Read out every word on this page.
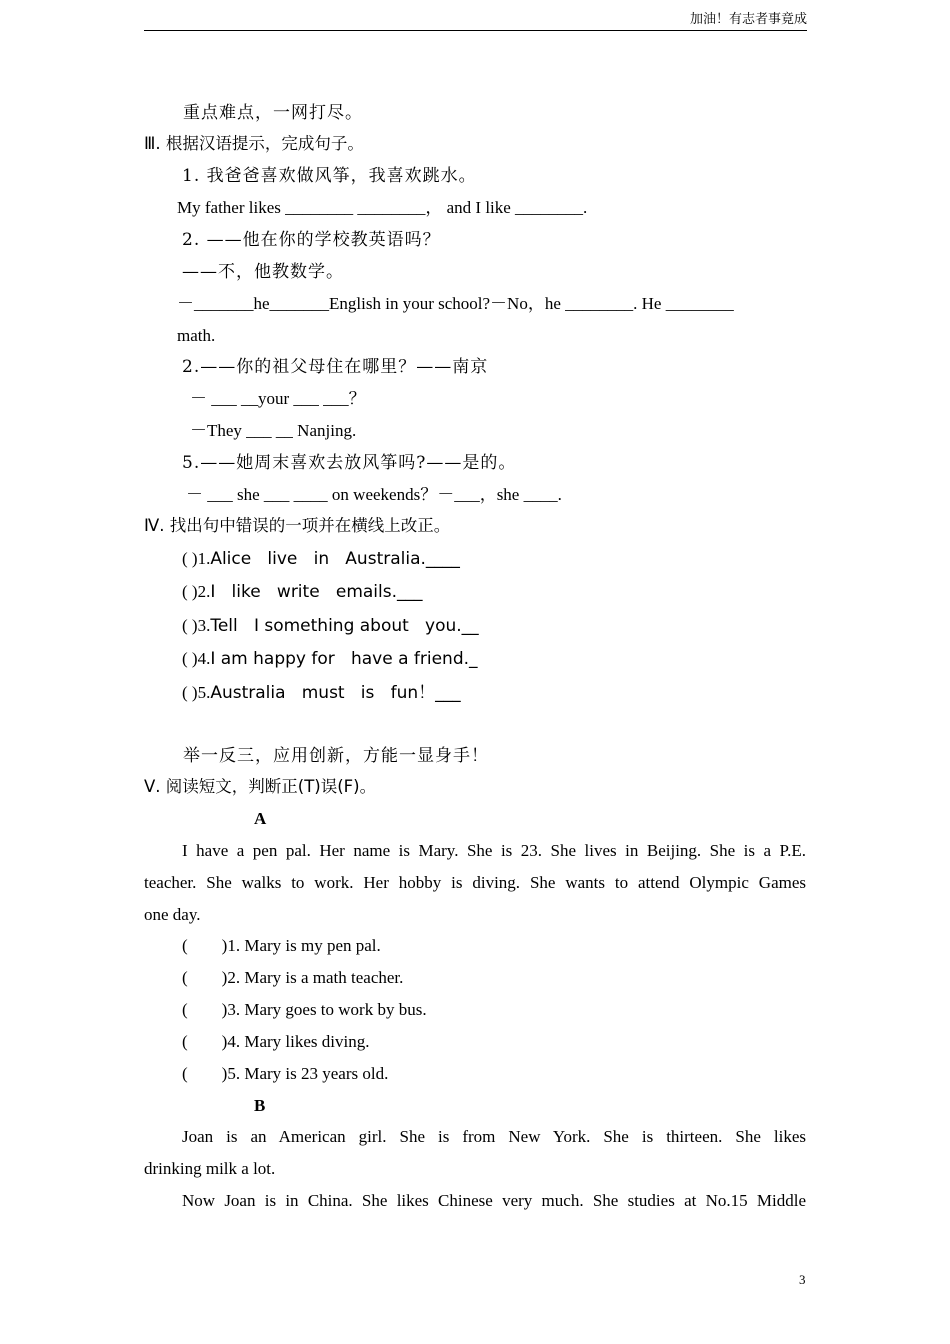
加油！有志者事竟成
重点难点，一网打尽。
Ⅲ. 根据汉语提示，完成句子。
1. 我爸爸喜欢做风筝，我喜欢跳水。
My father likes ________ ________， and I like ________.
2. ——他在你的学校教英语吗？
——不，他教数学。
－_______he_______English in your school?－No，he ________. He ________
math.
2.——你的祖父母住在哪里？——南京
－ ___ __your ___ ___？
－They ___ __ Nanjing.
5.——她周末喜欢去放风筝吗?——是的。
－ ___ she ___ ____ on weekends？－___，she ____.
Ⅳ. 找出句中错误的一项并在横线上改正。
( )1.Alice   live   in   Australia.____
( )2.I   like   write   emails.___
( )3.Tell   I something about   you.__
( )4.I am happy for   have a friend._
( )5.Australia   must   is   fun！___
举一反三，应用创新，方能一显身手！
Ⅴ. 阅读短文，判断正(T)误(F)。
A
I have a pen pal. Her name is Mary. She is 23. She lives in Beijing. She is a P.E.
teacher. She walks to work. Her hobby is diving. She wants to attend Olympic Games
one day.
(        )1. Mary is my pen pal.
(        )2. Mary is a math teacher.
(        )3. Mary goes to work by bus.
(        )4. Mary likes diving.
(        )5. Mary is 23 years old.
B
Joan is an American girl. She is from New York. She is thirteen. She likes
drinking milk a lot.
Now Joan is in China. She likes Chinese very much. She studies at No.15 Middle
3
